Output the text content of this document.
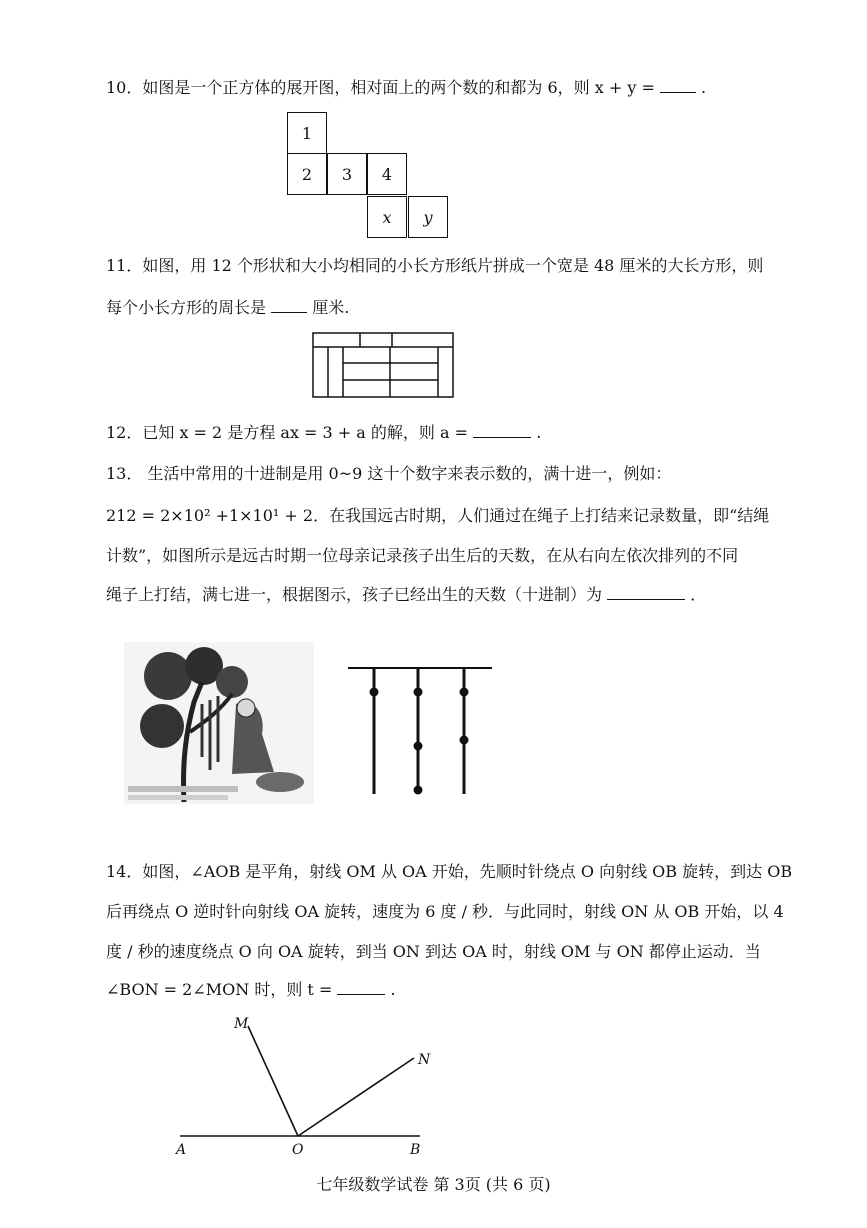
10．如图是一个正方体的展开图，相对面上的两个数的和都为 6，则 x + y =	.
1
2	3	4
x	y
11．如图，用 12 个形状和大小均相同的小长方形纸片拼成一个宽是 48 厘米的大长方形，则
每个小长方形的周长是	厘米.
12．已知 x = 2 是方程 ax = 3 + a 的解，则 a =	.
13． 生活中常用的十进制是用 0~9 这十个数字来表示数的，满十进一，例如：
212 = 2×10² +1×10¹ + 2．在我国远古时期，人们通过在绳子上打结来记录数量，即“结绳
计数”，如图所示是远古时期一位母亲记录孩子出生后的天数，在从右向左依次排列的不同
绳子上打结，满七进一，根据图示，孩子已经出生的天数（十进制）为	．
14．如图，∠AOB 是平角，射线 OM 从 OA 开始，先顺时针绕点 O 向射线 OB 旋转，到达 OB
后再绕点 O 逆时针向射线 OA 旋转，速度为 6 度 / 秒．与此同时，射线 ON 从 OB 开始，以 4
度 / 秒的速度绕点 O 向 OA 旋转，到当 ON 到达 OA 时，射线 OM 与 ON 都停止运动．当
∠BON = 2∠MON 时，则 t =	.
M
N
A	O	B
七年级数学试卷 第 3页 (共 6 页)
